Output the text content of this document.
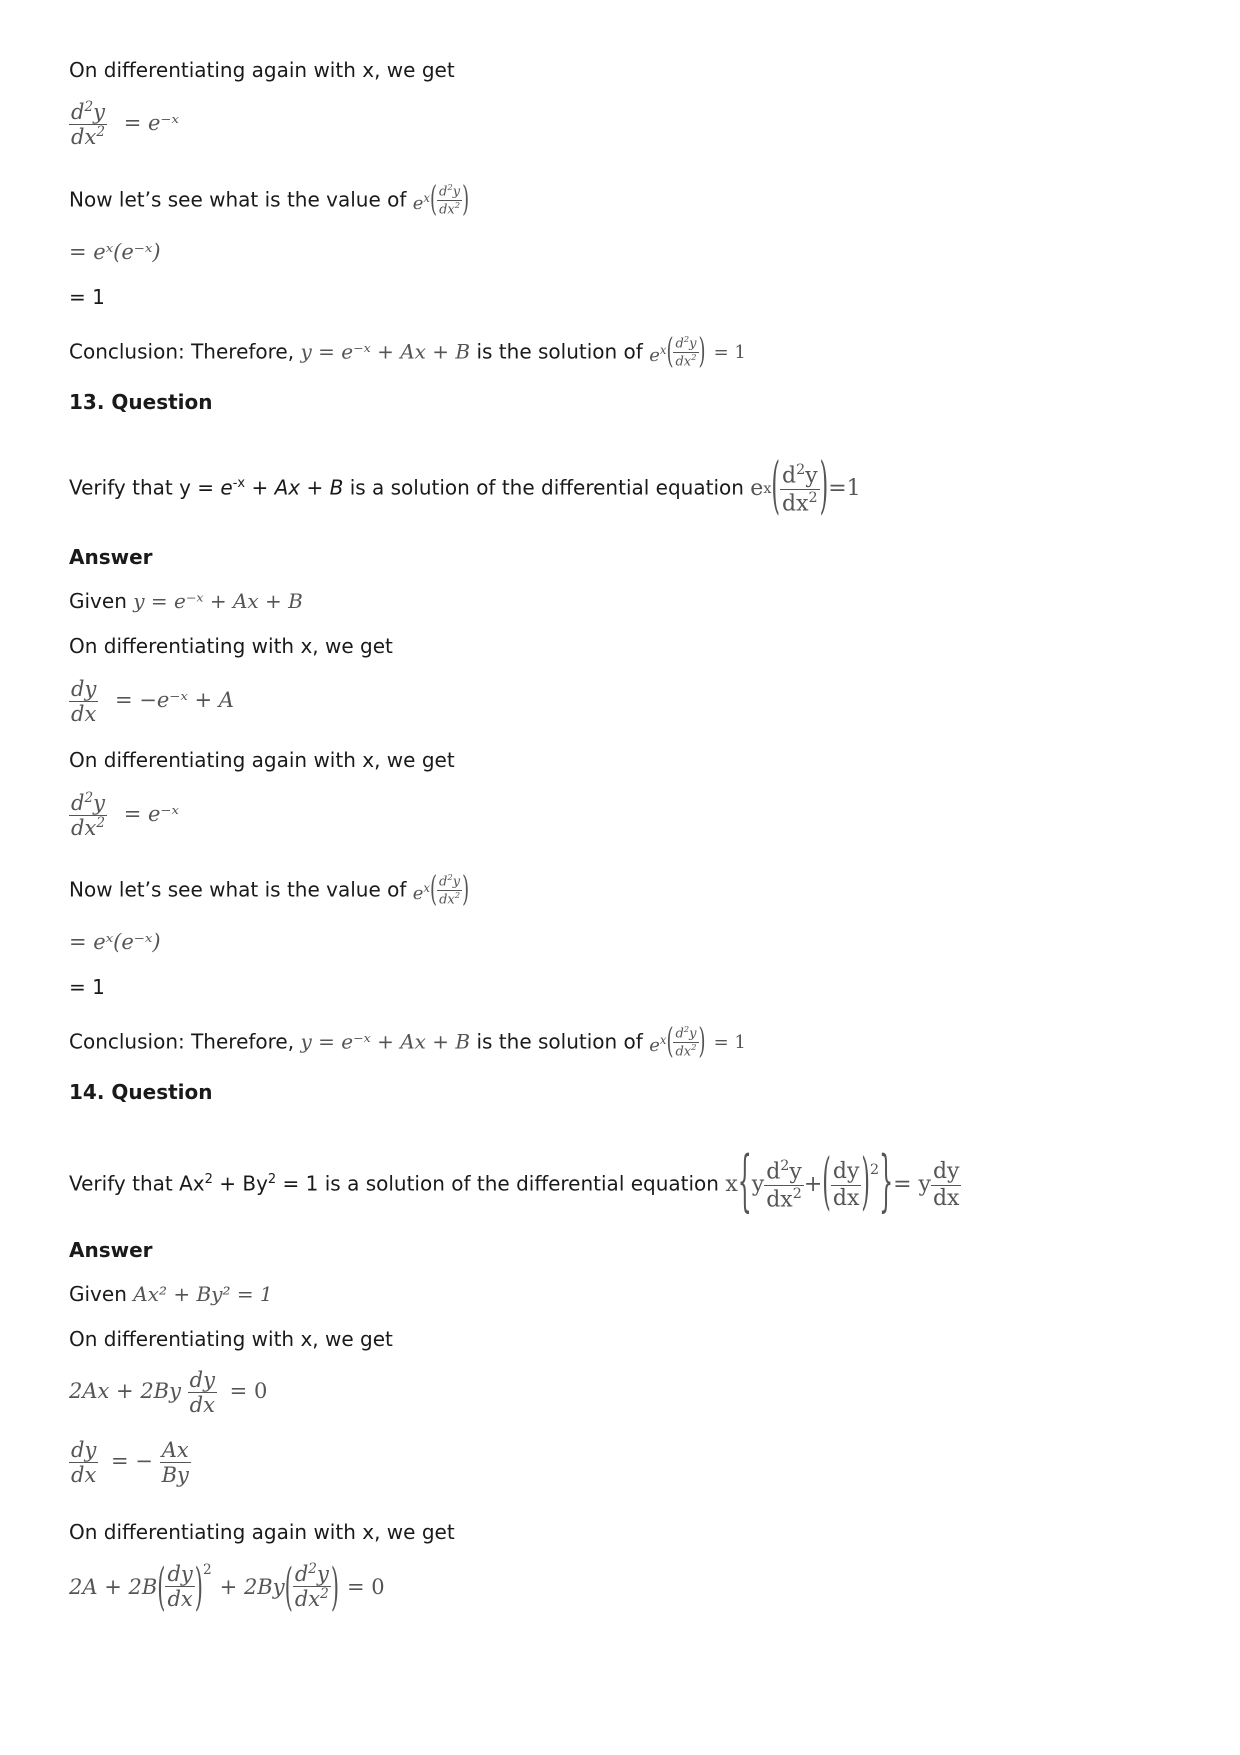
On differentiating again with x, we get
$\frac{d^2y}{dx^2}$ = e⁻ˣ
Now let’s see what is the value of $e^x$ ( $\frac{d^2y}{dx^2}$ )
= eˣ(e⁻ˣ)
= 1
Conclusion: Therefore, y = e⁻ˣ + Ax + B is the solution of $e^x$ ( $\frac{d^2y}{dx^2}$ ) = 1
13. Question
Verify that $y = e^{-x} + Ax + B$ is a solution of the differential equation e x ( $\frac{d^2y}{dx^2}$ ) =1
Answer
Given y = e⁻ˣ + Ax + B
On differentiating with x, we get
$\frac{dy}{dx}$ = −e⁻ˣ + A
On differentiating again with x, we get
$\frac{d^2y}{dx^2}$ = e⁻ˣ
Now let’s see what is the value of $e^x$ ( $\frac{d^2y}{dx^2}$ )
= eˣ(e⁻ˣ)
= 1
Conclusion: Therefore, y = e⁻ˣ + Ax + B is the solution of $e^x$ ( $\frac{d^2y}{dx^2}$ ) = 1
14. Question
Verify that $Ax^2 + By^2 = 1$ is a solution of the differential equation x { y $\frac{d^2y}{dx^2}$ + ( $\frac{dy}{dx} )^2$ } = y $\frac{dy}{dx}$
Answer
Given Ax² + By² = 1
On differentiating with x, we get
$2Ax + 2By \frac{dy}{dx} = 0$
$\frac{dy}{dx}$ = − $\frac{Ax}{By}$
On differentiating again with x, we get
2A + 2B ( $\frac{dy}{dx} )^2$
+ 2By ( $\frac{d^2y}{dx^2}$ ) = 0
